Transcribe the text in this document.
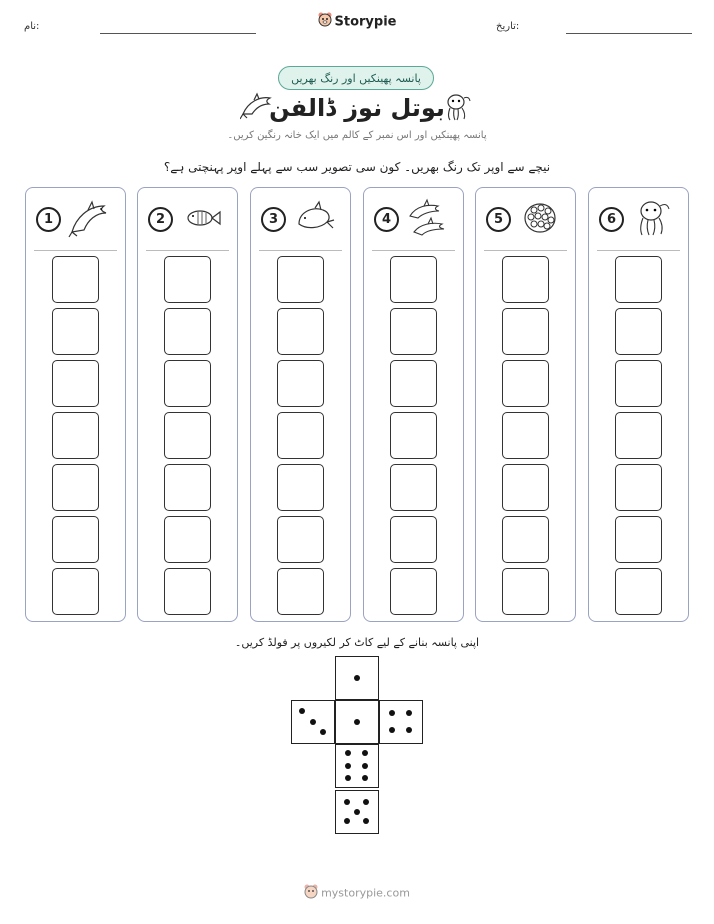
نام:	Storypie	تاریخ:
پانسہ پھینکیں اور رنگ بھریں
بوتل نوز ڈالفن
پانسہ پھینکیں اور اس نمبر کے کالم میں ایک خانہ رنگین کریں۔
نیچے سے اوپر تک رنگ بھریں۔ کون سی تصویر سب سے پہلے اوپر پہنچتی ہے؟
1	2	3	4	5	6
اپنی پانسہ بنانے کے لیے کاٹ کر لکیروں پر فولڈ کریں۔
mystorypie.com
